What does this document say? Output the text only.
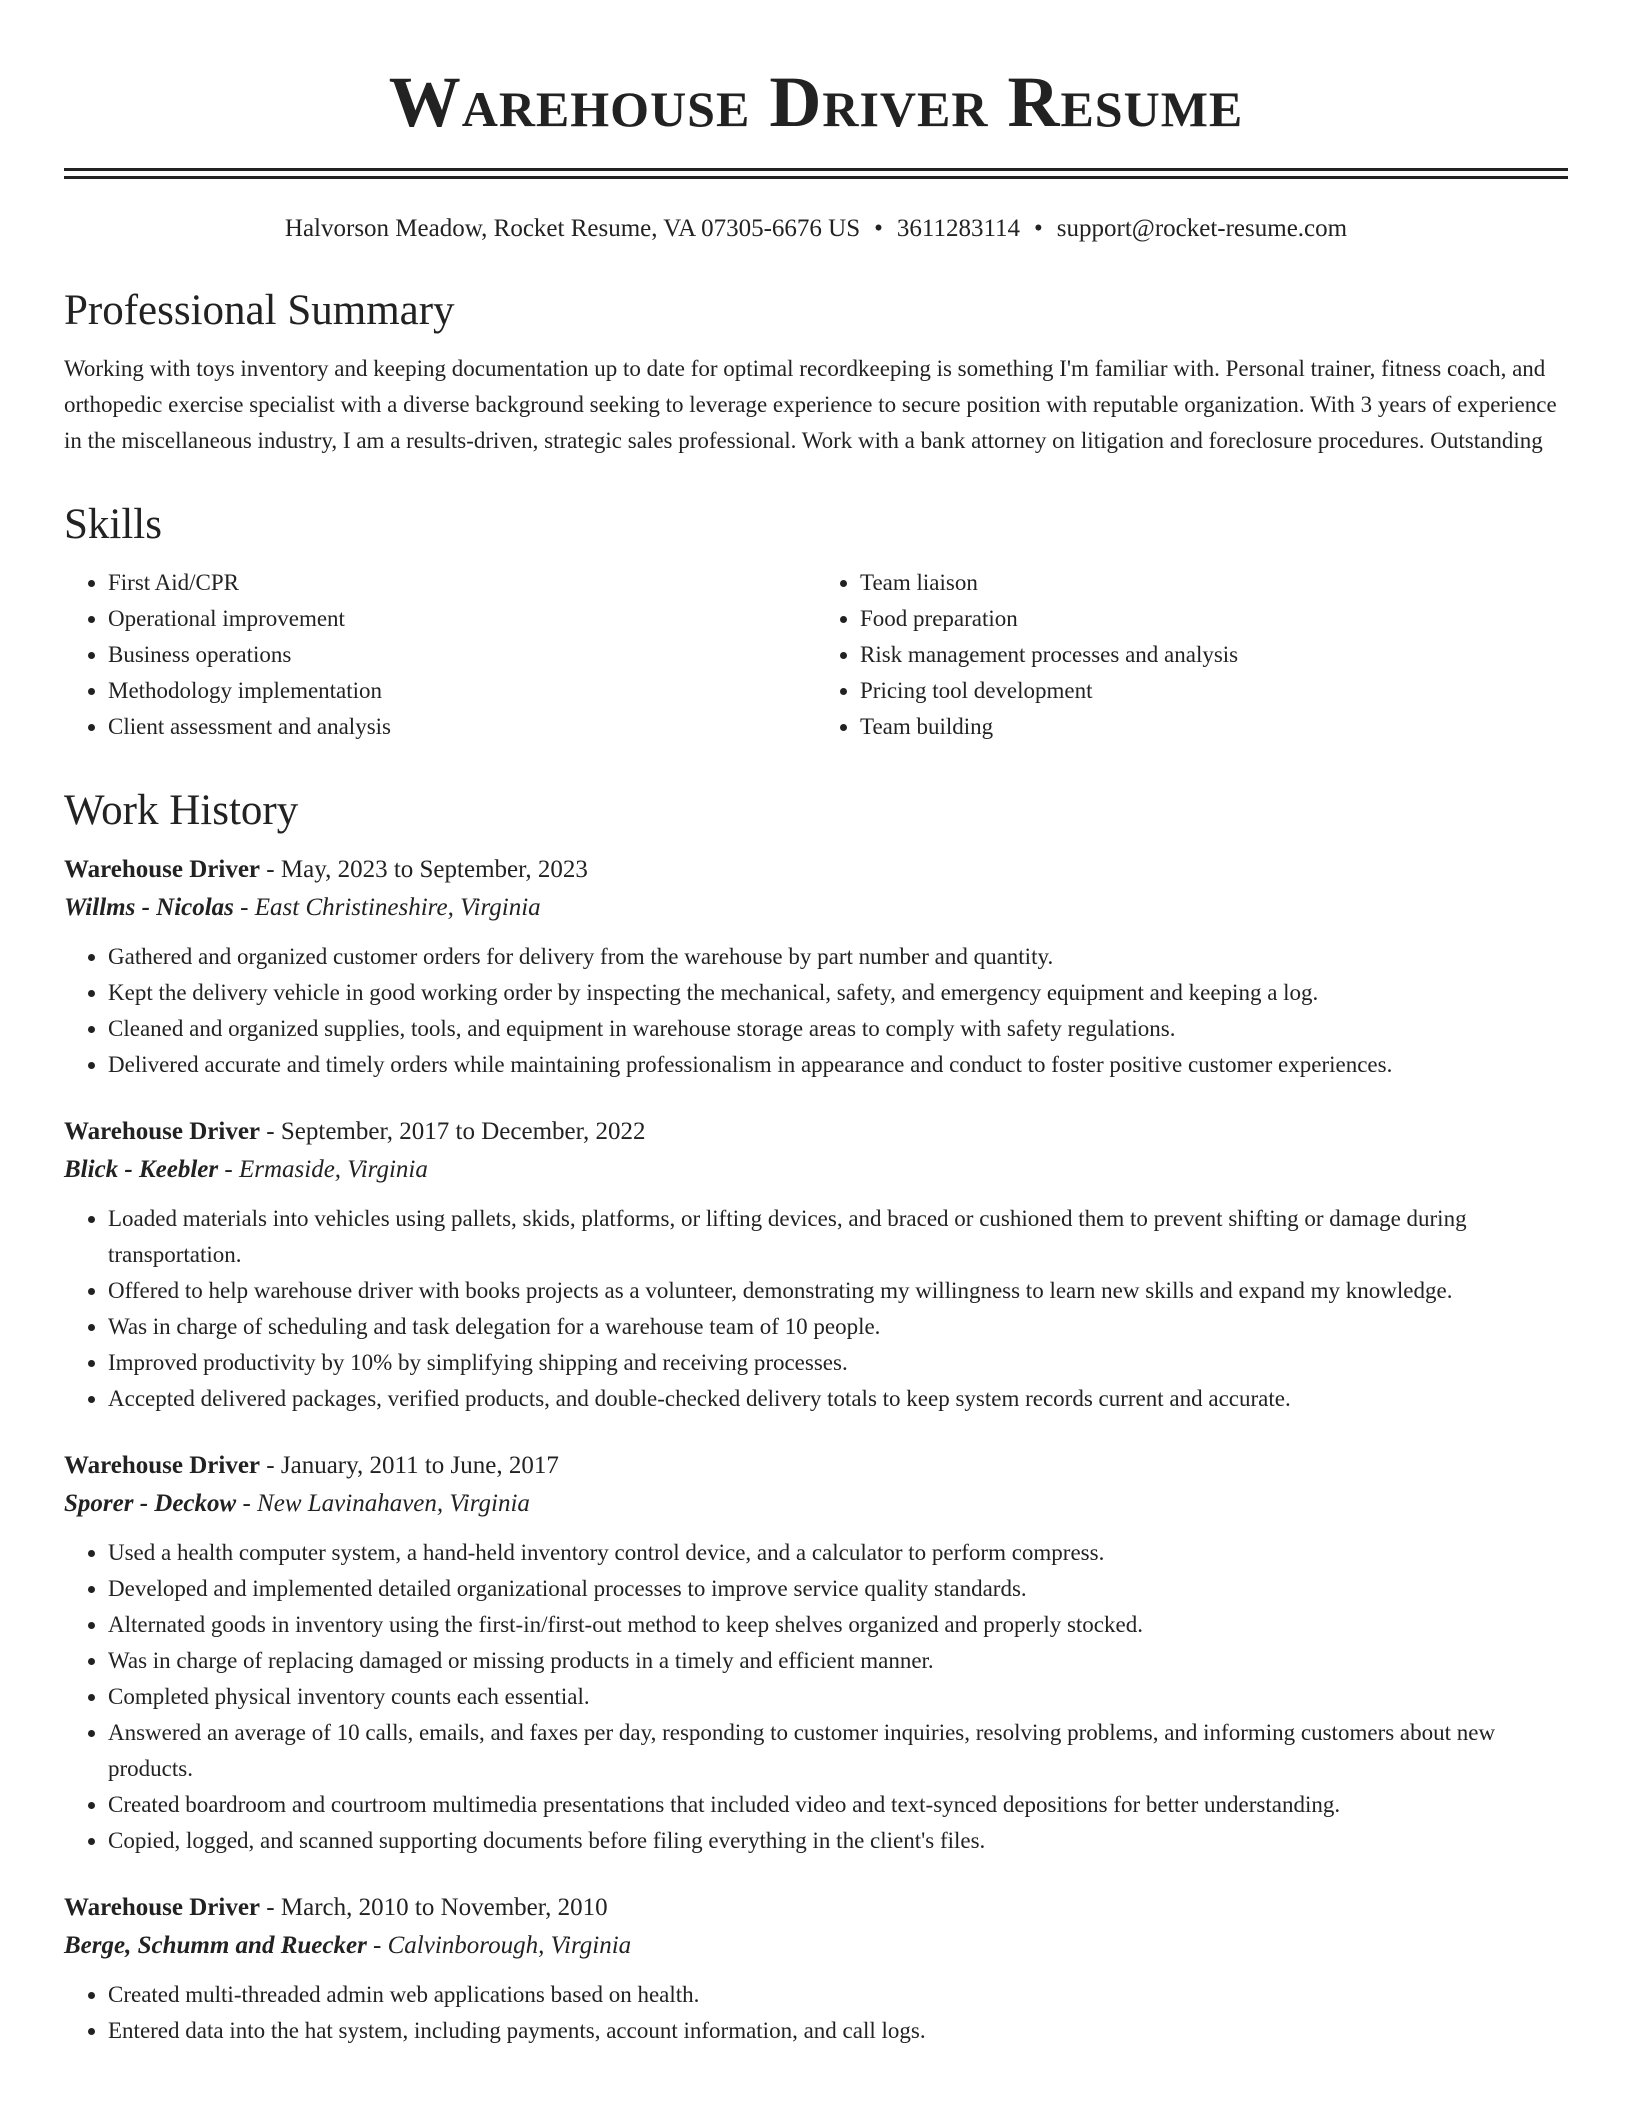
Warehouse Driver Resume
Halvorson Meadow, Rocket Resume, VA 07305-6676 US • 3611283114 • support@rocket-resume.com
Professional Summary

Working with toys inventory and keeping documentation up to date for optimal recordkeeping is something I'm familiar with. Personal trainer, fitness coach, and orthopedic exercise specialist with a diverse background seeking to leverage experience to secure position with reputable organization. With 3 years of experience in the miscellaneous industry, I am a results-driven, strategic sales professional. Work with a bank attorney on litigation and foreclosure procedures. Outstanding

Skills
• First Aid/CPR
• Operational improvement
• Business operations
• Methodology implementation
• Client assessment and analysis
• Team liaison
• Food preparation
• Risk management processes and analysis
• Pricing tool development
• Team building
Work History
Warehouse Driver - May, 2023 to September, 2023
Willms - Nicolas - East Christineshire, Virginia
• Gathered and organized customer orders for delivery from the warehouse by part number and quantity.
• Kept the delivery vehicle in good working order by inspecting the mechanical, safety, and emergency equipment and keeping a log.
• Cleaned and organized supplies, tools, and equipment in warehouse storage areas to comply with safety regulations.
• Delivered accurate and timely orders while maintaining professionalism in appearance and conduct to foster positive customer experiences.
Warehouse Driver - September, 2017 to December, 2022
Blick - Keebler - Ermaside, Virginia
• Loaded materials into vehicles using pallets, skids, platforms, or lifting devices, and braced or cushioned them to prevent shifting or damage during transportation.
• Offered to help warehouse driver with books projects as a volunteer, demonstrating my willingness to learn new skills and expand my knowledge.
• Was in charge of scheduling and task delegation for a warehouse team of 10 people.
• Improved productivity by 10% by simplifying shipping and receiving processes.
• Accepted delivered packages, verified products, and double-checked delivery totals to keep system records current and accurate.
Warehouse Driver - January, 2011 to June, 2017
Sporer - Deckow - New Lavinahaven, Virginia
• Used a health computer system, a hand-held inventory control device, and a calculator to perform compress.
• Developed and implemented detailed organizational processes to improve service quality standards.
• Alternated goods in inventory using the first-in/first-out method to keep shelves organized and properly stocked.
• Was in charge of replacing damaged or missing products in a timely and efficient manner.
• Completed physical inventory counts each essential.
• Answered an average of 10 calls, emails, and faxes per day, responding to customer inquiries, resolving problems, and informing customers about new products.
• Created boardroom and courtroom multimedia presentations that included video and text-synced depositions for better understanding.
• Copied, logged, and scanned supporting documents before filing everything in the client's files.
Warehouse Driver - March, 2010 to November, 2010
Berge, Schumm and Ruecker - Calvinborough, Virginia
• Created multi-threaded admin web applications based on health.
• Entered data into the hat system, including payments, account information, and call logs.
